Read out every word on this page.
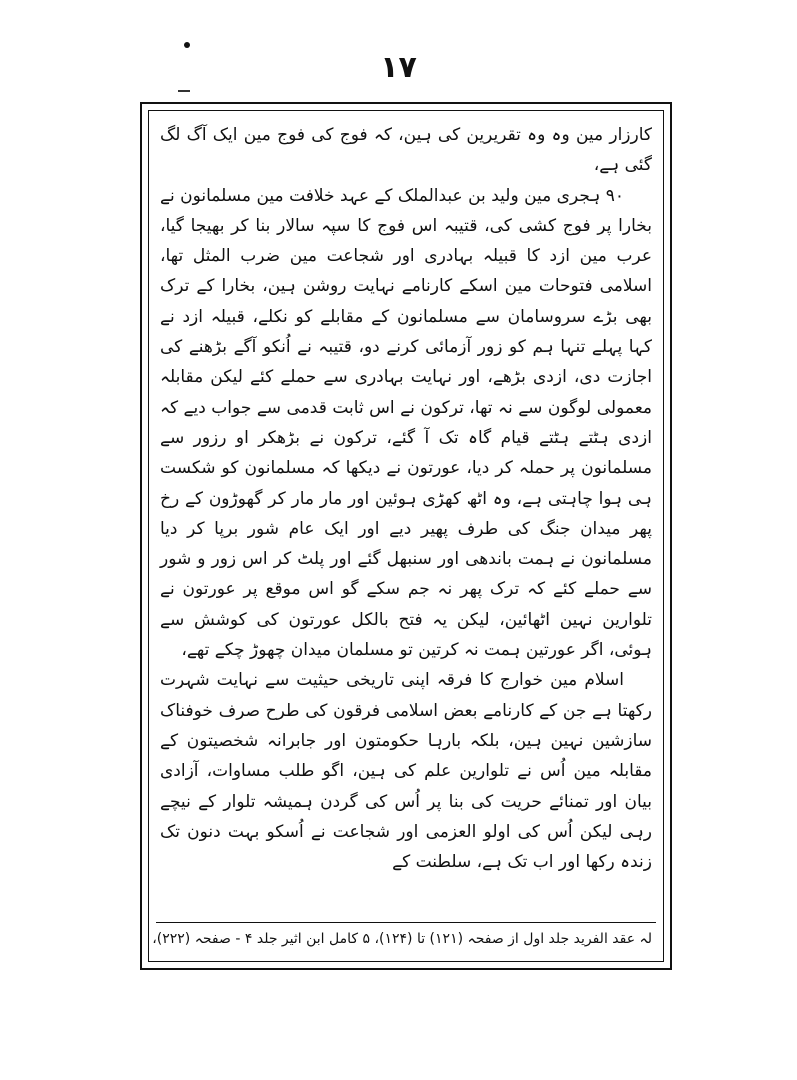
۱۷

کارزار مین وہ وہ تقریرین کی ہین، کہ فوج کی فوج مین ایک آگ لگ گئی ہے،

۹۰ ہجری مین ولید بن عبدالملک کے عہد خلافت مین مسلمانون نے بخارا پر فوج کشی کی، قتیبہ اس فوج کا سپہ سالار بنا کر بھیجا گیا، عرب مین ازد کا قبیلہ بہادری اور شجاعت مین ضرب المثل تھا، اسلامی فتوحات مین اسکے کارنامے نہایت روشن ہین، بخارا کے ترک بھی بڑے سروسامان سے مسلمانون کے مقابلے کو نکلے، قبیلہ ازد نے کہا پہلے تنہا ہم کو زور آزمائی کرنے دو، قتیبہ نے اُنکو آگے بڑھنے کی اجازت دی، ازدی بڑھے، اور نہایت بہادری سے حملے کئے لیکن مقابلہ معمولی لوگون سے نہ تھا، ترکون نے اس ثابت قدمی سے جواب دیے کہ ازدی ہٹتے ہٹتے قیام گاہ تک آ گئے، ترکون نے بڑھکر او رزور سے مسلمانون پر حملہ کر دیا، عورتون نے دیکھا کہ مسلمانون کو شکست ہی ہوا چاہتی ہے، وہ اٹھ کھڑی ہوئین اور مار مار کر گھوڑون کے رخ پھر میدان جنگ کی طرف پھیر دیے اور ایک عام شور برپا کر دیا مسلمانون نے ہمت باندھی اور سنبھل گئے اور پلٹ کر اس زور و شور سے حملے کئے کہ ترک پھر نہ جم سکے گو اس موقع پر عورتون نے تلوارین نہین اٹھائین، لیکن یہ فتح بالکل عورتون کی کوشش سے ہوئی، اگر عورتین ہمت نہ کرتین تو مسلمان میدان چھوڑ چکے تھے،

اسلام مین خوارج کا فرقہ اپنی تاریخی حیثیت سے نہایت شہرت رکھتا ہے جن کے کارنامے بعض اسلامی فرقون کی طرح صرف خوفناک سازشین نہین ہین، بلکہ بارہا حکومتون اور جابرانہ شخصیتون کے مقابلہ مین اُس نے تلوارین علم کی ہین، اگو طلب مساوات، آزادی بیان اور تمنائے حریت کی بنا پر اُس کی گردن ہمیشہ تلوار کے نیچے رہی لیکن اُس کی اولو العزمی اور شجاعت نے اُسکو بہت دنون تک زندہ رکھا اور اب تک ہے، سلطنت کے

لہ عقد الفرید جلد اول از صفحہ (۱۲۱) تا (۱۲۴)، ۵ کامل ابن اثیر جلد ۴ - صفحہ (۲۲۲)،
